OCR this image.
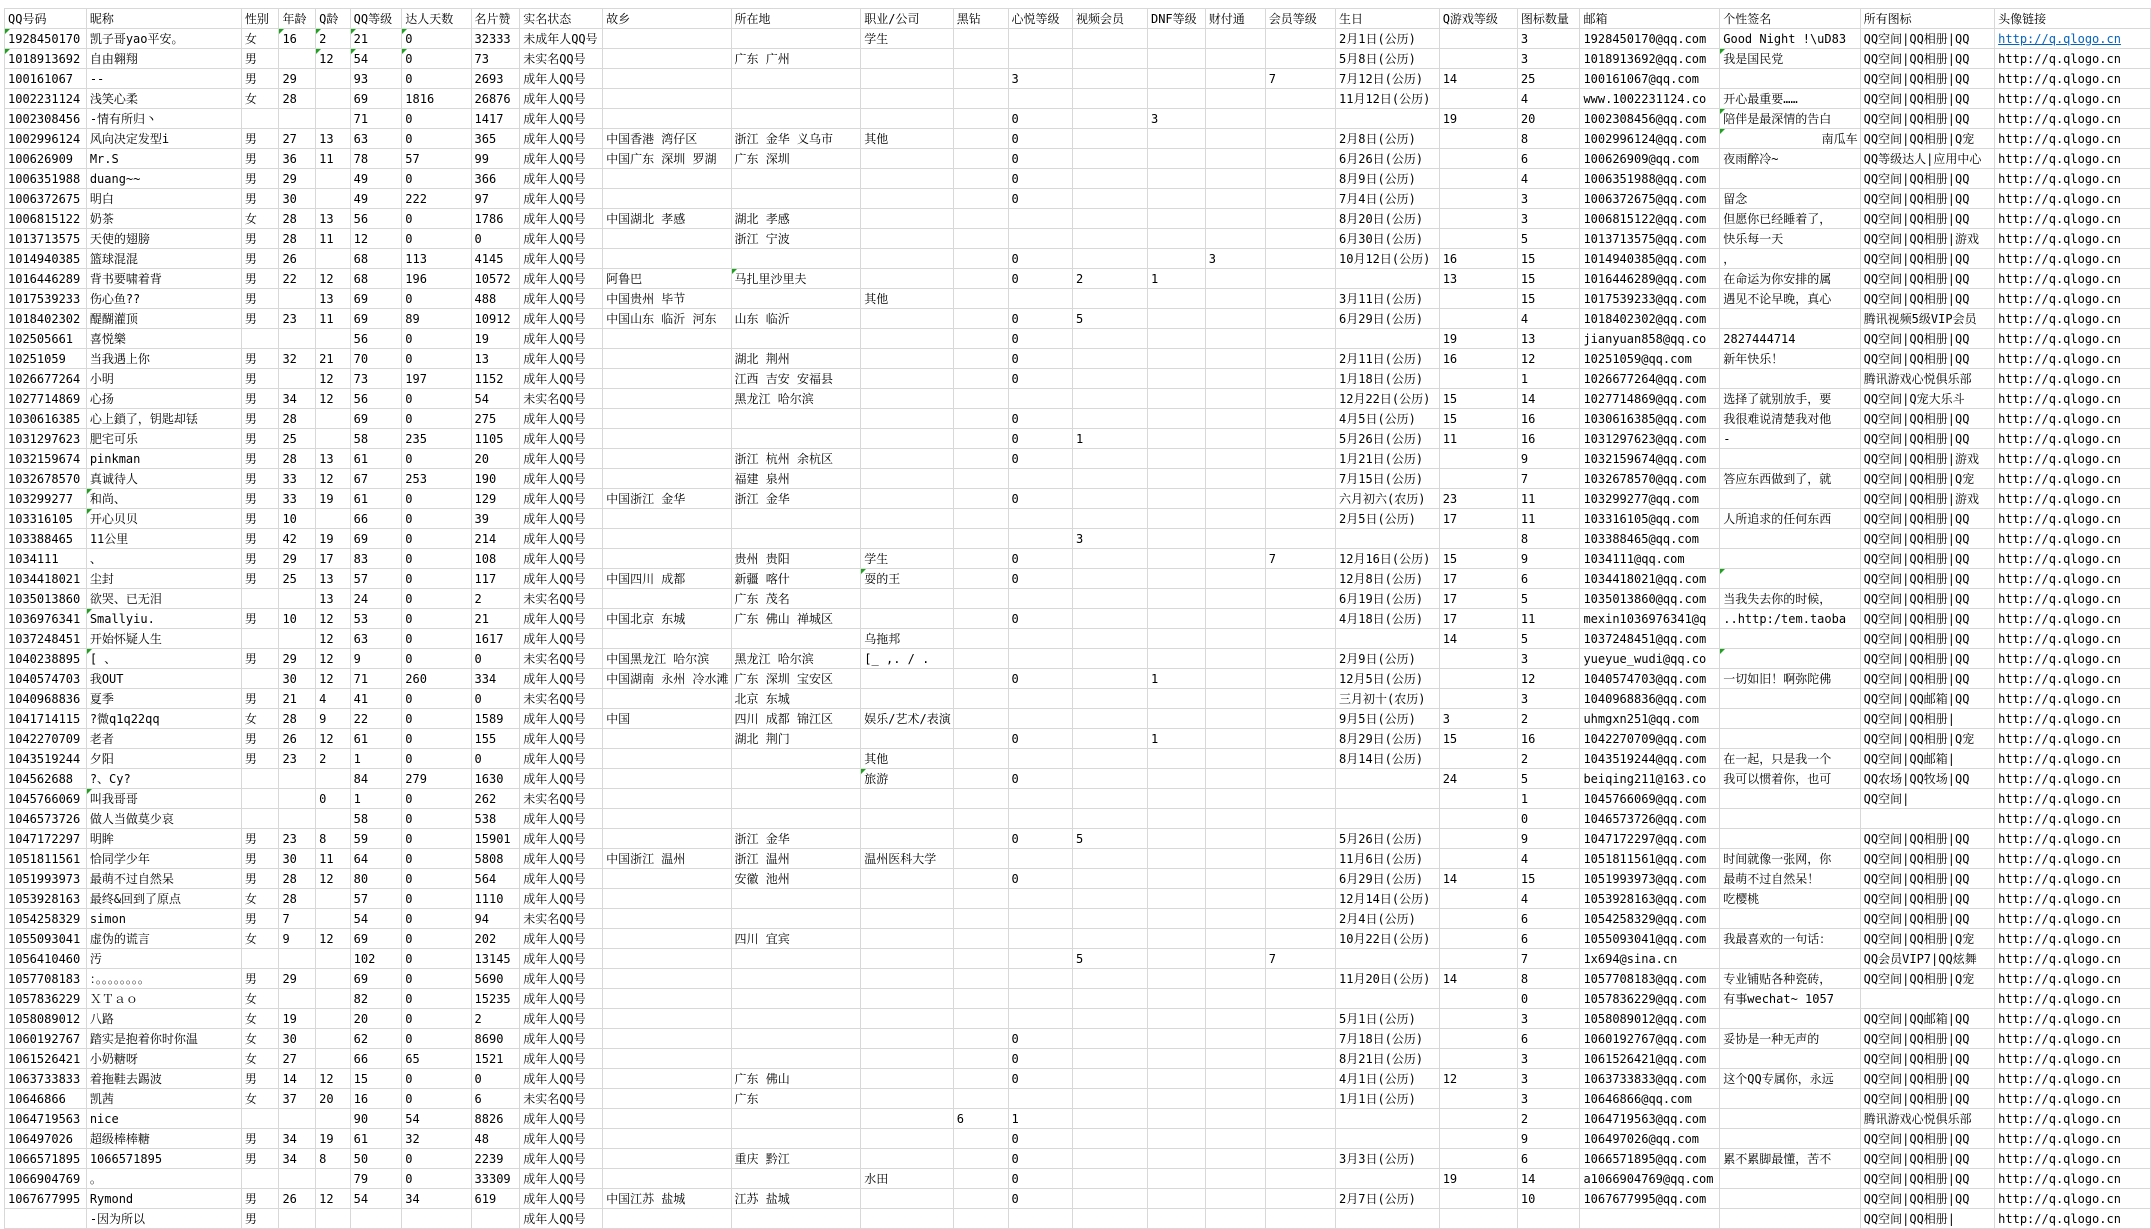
QQ号码	昵称	性别	年龄	Q龄	QQ等级	达人天数	名片赞	实名状态	故乡	所在地	职业/公司	黑钻	心悦等级	视频会员	DNF等级	财付通	会员等级	生日	Q游戏等级	图标数量	邮箱	个性签名	所有图标	头像链接

1928450170	凯子哥yao平安。	女	16	2	21	0	32333	未成年人QQ号			学生							2月1日(公历)		3	1928450170@qq.com	Good Night !\uD83	QQ空间|QQ相册|QQ	http://q.qlogo.cn

1018913692	自由翱翔	男		12	54	0	73	未实名QQ号		广东 广州								5月8日(公历)		3	1018913692@qq.com	我是国民党	QQ空间|QQ相册|QQ	http://q.qlogo.cn
100161067	--	男	29		93	0	2693	成年人QQ号					3				7	7月12日(公历)	14	25	100161067@qq.com		QQ空间|QQ相册|QQ	http://q.qlogo.cn
1002231124	浅笑心柔	女	28		69	1816	26876	成年人QQ号										11月12日(公历)		4	www.1002231124.co	开心最重要……	QQ空间|QQ相册|QQ	http://q.qlogo.cn
1002308456	-情有所归丶				71	0	1417	成年人QQ号					0		3				19	20	1002308456@qq.com	陪伴是最深情的告白	QQ空间|QQ相册|QQ	http://q.qlogo.cn
1002996124	风向决定发型i	男	27	13	63	0	365	成年人QQ号	中国香港 湾仔区	浙江 金华 义乌市	其他		0					2月8日(公历)		8	1002996124@qq.com	南瓜车	QQ空间|QQ相册|Q宠	http://q.qlogo.cn
100626909	Mr.S	男	36	11	78	57	99	成年人QQ号	中国广东 深圳 罗湖	广东 深圳			0					6月26日(公历)		6	100626909@qq.com	夜雨醉冷~	QQ等级达人|应用中心	http://q.qlogo.cn
1006351988	duang~~	男	29		49	0	366	成年人QQ号					0					8月9日(公历)		4	1006351988@qq.com		QQ空间|QQ相册|QQ	http://q.qlogo.cn
1006372675	明白	男	30		49	222	97	成年人QQ号					0					7月4日(公历)		3	1006372675@qq.com	留念	QQ空间|QQ相册|QQ	http://q.qlogo.cn
1006815122	奶茶	女	28	13	56	0	1786	成年人QQ号	中国湖北 孝感	湖北 孝感								8月20日(公历)		3	1006815122@qq.com	但愿你已经睡着了，	QQ空间|QQ相册|QQ	http://q.qlogo.cn
1013713575	天使的翅膀	男	28	11	12	0	0	成年人QQ号		浙江 宁波								6月30日(公历)		5	1013713575@qq.com	快乐每一天	QQ空间|QQ相册|游戏	http://q.qlogo.cn
1014940385	篮球混混	男	26		68	113	4145	成年人QQ号					0			3		10月12日(公历)	16	15	1014940385@qq.com	，	QQ空间|QQ相册|QQ	http://q.qlogo.cn
1016446289	背书要啸着背	男	22	12	68	196	10572	成年人QQ号	阿鲁巴	马扎里沙里夫			0	2	1				13	15	1016446289@qq.com	在命运为你安排的属	QQ空间|QQ相册|QQ	http://q.qlogo.cn
1017539233	伤心鱼??	男		13	69	0	488	成年人QQ号	中国贵州 毕节		其他							3月11日(公历)		15	1017539233@qq.com	遇见不论早晚，真心	QQ空间|QQ相册|QQ	http://q.qlogo.cn
1018402302	醍醐灌顶	男	23	11	69	89	10912	成年人QQ号	中国山东 临沂 河东	山东 临沂			0	5				6月29日(公历)		4	1018402302@qq.com		腾讯视频5级VIP会员	http://q.qlogo.cn
102505661	喜悦樂				56	0	19	成年人QQ号					0						19	13	jianyuan858@qq.co	2827444714	QQ空间|QQ相册|QQ	http://q.qlogo.cn
10251059	当我遇上你	男	32	21	70	0	13	成年人QQ号		湖北 荆州			0					2月11日(公历)	16	12	10251059@qq.com	新年快乐！	QQ空间|QQ相册|QQ	http://q.qlogo.cn
1026677264	小明	男		12	73	197	1152	成年人QQ号		江西 吉安 安福县			0					1月18日(公历)		1	1026677264@qq.com		腾讯游戏心悦俱乐部	http://q.qlogo.cn
1027714869	心扬	男	34	12	56	0	54	未实名QQ号		黑龙江 哈尔滨								12月22日(公历)	15	14	1027714869@qq.com	选择了就别放手，要	QQ空间|Q宠大乐斗	http://q.qlogo.cn
1030616385	心上鎖了，钥匙却铥	男	28		69	0	275	成年人QQ号					0					4月5日(公历)	15	16	1030616385@qq.com	我很难说清楚我对他	QQ空间|QQ相册|QQ	http://q.qlogo.cn
1031297623	肥宅可乐	男	25		58	235	1105	成年人QQ号					0	1				5月26日(公历)	11	16	1031297623@qq.com	-	QQ空间|QQ相册|QQ	http://q.qlogo.cn
1032159674	pinkman	男	28	13	61	0	20	成年人QQ号		浙江 杭州 余杭区			0					1月21日(公历)		9	1032159674@qq.com		QQ空间|QQ相册|游戏	http://q.qlogo.cn
1032678570	真诚待人	男	33	12	67	253	190	成年人QQ号		福建 泉州								7月15日(公历)		7	1032678570@qq.com	答应东西做到了，就	QQ空间|QQ相册|Q宠	http://q.qlogo.cn
103299277	和尚、	男	33	19	61	0	129	成年人QQ号	中国浙江 金华	浙江 金华			0					六月初六(农历)	23	11	103299277@qq.com		QQ空间|QQ相册|游戏	http://q.qlogo.cn
103316105	开心贝贝	男	10		66	0	39	成年人QQ号										2月5日(公历)	17	11	103316105@qq.com	人所追求的任何东西	QQ空间|QQ相册|QQ	http://q.qlogo.cn
103388465	11公里	男	42	19	69	0	214	成年人QQ号						3						8	103388465@qq.com		QQ空间|QQ相册|QQ	http://q.qlogo.cn
1034111	、	男	29	17	83	0	108	成年人QQ号		贵州 贵阳	学生		0				7	12月16日(公历)	15	9	1034111@qq.com		QQ空间|QQ相册|QQ	http://q.qlogo.cn
1034418021	尘封	男	25	13	57	0	117	成年人QQ号	中国四川 成都	新疆 喀什	耍的王		0					12月8日(公历)	17	6	1034418021@qq.com		QQ空间|QQ相册|QQ	http://q.qlogo.cn
1035013860	欲哭、已无泪			13	24	0	2	未实名QQ号		广东 茂名								6月19日(公历)	17	5	1035013860@qq.com	当我失去你的时候，	QQ空间|QQ相册|QQ	http://q.qlogo.cn
1036976341	Smallyiu.	男	10	12	53	0	21	成年人QQ号	中国北京 东城	广东 佛山 禅城区			0					4月18日(公历)	17	11	mexin1036976341@q	..http:/tem.taoba	QQ空间|QQ相册|QQ	http://q.qlogo.cn
1037248451	开始怀疑人生			12	63	0	1617	成年人QQ号			乌拖邦								14	5	1037248451@qq.com		QQ空间|QQ相册|QQ	http://q.qlogo.cn
1040238895	[ 、	男	29	12	9	0	0	未实名QQ号	中国黑龙江 哈尔滨	黑龙江 哈尔滨	[_ ,. / .							2月9日(公历)		3	yueyue_wudi@qq.co		QQ空间|QQ相册|QQ	http://q.qlogo.cn
1040574703	我OUT		30	12	71	260	334	成年人QQ号	中国湖南 永州 冷水滩	广东 深圳 宝安区			0		1			12月5日(公历)		12	1040574703@qq.com	一切如旧！啊弥陀佛	QQ空间|QQ相册|QQ	http://q.qlogo.cn
1040968836	夏季	男	21	4	41	0	0	未实名QQ号		北京 东城								三月初十(农历)		3	1040968836@qq.com		QQ空间|QQ邮箱|QQ	http://q.qlogo.cn
1041714115	?微q1q22qq	女	28	9	22	0	1589	成年人QQ号	中国	四川 成都 锦江区	娱乐/艺术/表演							9月5日(公历)	3	2	uhmgxn251@qq.com		QQ空间|QQ相册|	http://q.qlogo.cn
1042270709	老者	男	26	12	61	0	155	成年人QQ号		湖北 荆门			0		1			8月29日(公历)	15	16	1042270709@qq.com		QQ空间|QQ相册|Q宠	http://q.qlogo.cn
1043519244	夕阳	男	23	2	1	0	0	成年人QQ号			其他							8月14日(公历)		2	1043519244@qq.com	在一起，只是我一个	QQ空间|QQ邮箱|	http://q.qlogo.cn
104562688	?、Cy?				84	279	1630	成年人QQ号			旅游		0						24	5	beiqing211@163.co	我可以惯着你，也可	QQ农场|QQ牧场|QQ	http://q.qlogo.cn
1045766069	叫我哥哥			0	1	0	262	未实名QQ号												1	1045766069@qq.com		QQ空间|	http://q.qlogo.cn
1046573726	做人当做莫少哀				58	0	538	成年人QQ号												0	1046573726@qq.com			http://q.qlogo.cn
1047172297	明眸	男	23	8	59	0	15901	成年人QQ号		浙江 金华			0	5				5月26日(公历)		9	1047172297@qq.com		QQ空间|QQ相册|QQ	http://q.qlogo.cn
1051811561	恰同学少年	男	30	11	64	0	5808	成年人QQ号	中国浙江 温州	浙江 温州	温州医科大学							11月6日(公历)		4	1051811561@qq.com	时间就像一张网，你	QQ空间|QQ相册|QQ	http://q.qlogo.cn
1051993973	最萌不过自然呆	男	28	12	80	0	564	成年人QQ号		安徽 池州			0					6月29日(公历)	14	15	1051993973@qq.com	最萌不过自然呆！	QQ空间|QQ相册|QQ	http://q.qlogo.cn
1053928163	最终&回到了原点	女	28		57	0	1110	成年人QQ号										12月14日(公历)		4	1053928163@qq.com	吃樱桃	QQ空间|QQ相册|QQ	http://q.qlogo.cn
1054258329	simon	男	7		54	0	94	未实名QQ号										2月4日(公历)		6	1054258329@qq.com		QQ空间|QQ相册|QQ	http://q.qlogo.cn
1055093041	虚伪的谎言	女	9	12	69	0	202	成年人QQ号		四川 宜宾								10月22日(公历)		6	1055093041@qq.com	我最喜欢的一句话：	QQ空间|QQ相册|Q宠	http://q.qlogo.cn
1056410460	汚				102	0	13145	成年人QQ号						5			7			7	1x694@sina.cn		QQ会员VIP7|QQ炫舞	http://q.qlogo.cn
1057708183	：。。。。。。。。	男	29		69	0	5690	成年人QQ号										11月20日(公历)	14	8	1057708183@qq.com	专业铺贴各种瓷砖，	QQ空间|QQ相册|Q宠	http://q.qlogo.cn
1057836229	ＸＴａｏ	女			82	0	15235	成年人QQ号												0	1057836229@qq.com	有事wechat~ 1057		http://q.qlogo.cn
1058089012	八路	女	19		20	0	2	成年人QQ号										5月1日(公历)		3	1058089012@qq.com		QQ空间|QQ邮箱|QQ	http://q.qlogo.cn
1060192767	踏实是抱着你时你温	女	30		62	0	8690	成年人QQ号					0					7月18日(公历)		6	1060192767@qq.com	妥协是一种无声的	QQ空间|QQ相册|QQ	http://q.qlogo.cn
1061526421	小奶糖呀	女	27		66	65	1521	成年人QQ号					0					8月21日(公历)		3	1061526421@qq.com		QQ空间|QQ相册|QQ	http://q.qlogo.cn
1063733833	着拖鞋去踢波	男	14	12	15	0	0	成年人QQ号		广东 佛山			0					4月1日(公历)	12	3	1063733833@qq.com	这个QQ专属你，永远	QQ空间|QQ相册|QQ	http://q.qlogo.cn
10646866	凯茜	女	37	20	16	0	6	未实名QQ号		广东								1月1日(公历)		3	10646866@qq.com		QQ空间|QQ相册|QQ	http://q.qlogo.cn
1064719563	nice				90	54	8826	成年人QQ号				6	1							2	1064719563@qq.com		腾讯游戏心悦俱乐部	http://q.qlogo.cn
106497026	超级棒棒糖	男	34	19	61	32	48	成年人QQ号					0							9	106497026@qq.com		QQ空间|QQ相册|QQ	http://q.qlogo.cn
1066571895	1066571895	男	34	8	50	0	2239	成年人QQ号		重庆 黔江			0					3月3日(公历)		6	1066571895@qq.com	累不累脚最懂，苦不	QQ空间|QQ相册|QQ	http://q.qlogo.cn
1066904769	。				79	0	33309	成年人QQ号			水田		0						19	14	a1066904769@qq.com		QQ空间|QQ相册|QQ	http://q.qlogo.cn
1067677995	Rymond	男	26	12	54	34	619	成年人QQ号	中国江苏 盐城	江苏 盐城			0					2月7日(公历)		10	1067677995@qq.com		QQ空间|QQ相册|QQ	http://q.qlogo.cn
	-因为所以	男						成年人QQ号															QQ空间|QQ相册|	http://q.qlogo.cn
